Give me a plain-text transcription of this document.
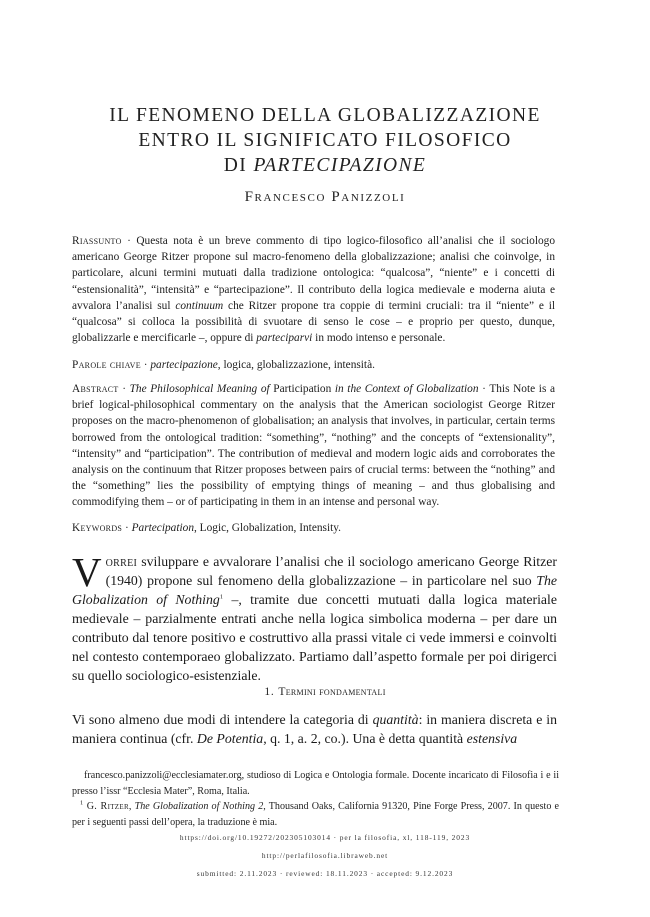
IL FENOMENO DELLA GLOBALIZZAZIONE
ENTRO IL SIGNIFICATO FILOSOFICO
DI PARTECIPAZIONE
Francesco Panizzoli
Riassunto · Questa nota è un breve commento di tipo logico-filosofico all’analisi che il sociologo americano George Ritzer propone sul macro-fenomeno della globalizzazione; analisi che coinvolge, in particolare, alcuni termini mutuati dalla tradizione ontologica: “qualcosa”, “niente” e i concetti di “estensionalità”, “intensità” e “partecipazione”. Il contributo della logica medievale e moderna aiuta e avvalora l’analisi sul continuum che Ritzer propone tra coppie di termini cruciali: tra il “niente” e il “qualcosa” si colloca la possibilità di svuotare di senso le cose – e proprio per questo, dunque, globalizzarle e mercificarle –, oppure di parteciparvi in modo intenso e personale.
Parole chiave · partecipazione, logica, globalizzazione, intensità.
Abstract · The Philosophical Meaning of Participation in the Context of Globalization · This Note is a brief logical-philosophical commentary on the analysis that the American sociologist George Ritzer proposes on the macro-phenomenon of globalisation; an analysis that involves, in particular, certain terms borrowed from the ontological tradition: “something”, “nothing” and the concepts of “extensionality”, “intensity” and “participation”. The contribution of medieval and modern logic aids and corroborates the analysis on the continuum that Ritzer proposes between pairs of crucial terms: between the “nothing” and the “something” lies the possibility of emptying things of meaning – and thus globalising and commodifying them – or of participating in them in an intense and personal way.
Keywords · Partecipation, Logic, Globalization, Intensity.
Vorrei sviluppare e avvalorare l’analisi che il sociologo americano George Ritzer (1940) propone sul fenomeno della globalizzazione – in particolare nel suo The Globalization of Nothing$^1$ –, tramite due concetti mutuati dalla logica materiale medievale – parzialmente entrati anche nella logica simbolica moderna – per dare un contributo dal tenore positivo e costruttivo alla prassi vitale ci vede immersi e coinvolti nel contesto contemporaeo globalizzato. Partiamo dall’aspetto formale per poi dirigerci su quello sociologico-esistenziale.
1. Termini fondamentali
Vi sono almeno due modi di intendere la categoria di quantità: in maniera discreta e in maniera continua (cfr. De Potentia, q. 1, a. 2, co.). Una è detta quantità estensiva
francesco.panizzoli@ecclesiamater.org, studioso di Logica e Ontologia formale. Docente incaricato di Filosofia i e ii presso l’issr “Ecclesia Mater”, Roma, Italia.
$^1$ G. Ritzer, The Globalization of Nothing 2, Thousand Oaks, California 91320, Pine Forge Press, 2007. In questo e per i seguenti passi dell’opera, la traduzione è mia.
https://doi.org/10.19272/202305103014 · per la filosofia, xl, 118-119, 2023
http://perlafilosofia.libraweb.net
submitted: 2.11.2023 · reviewed: 18.11.2023 · accepted: 9.12.2023
